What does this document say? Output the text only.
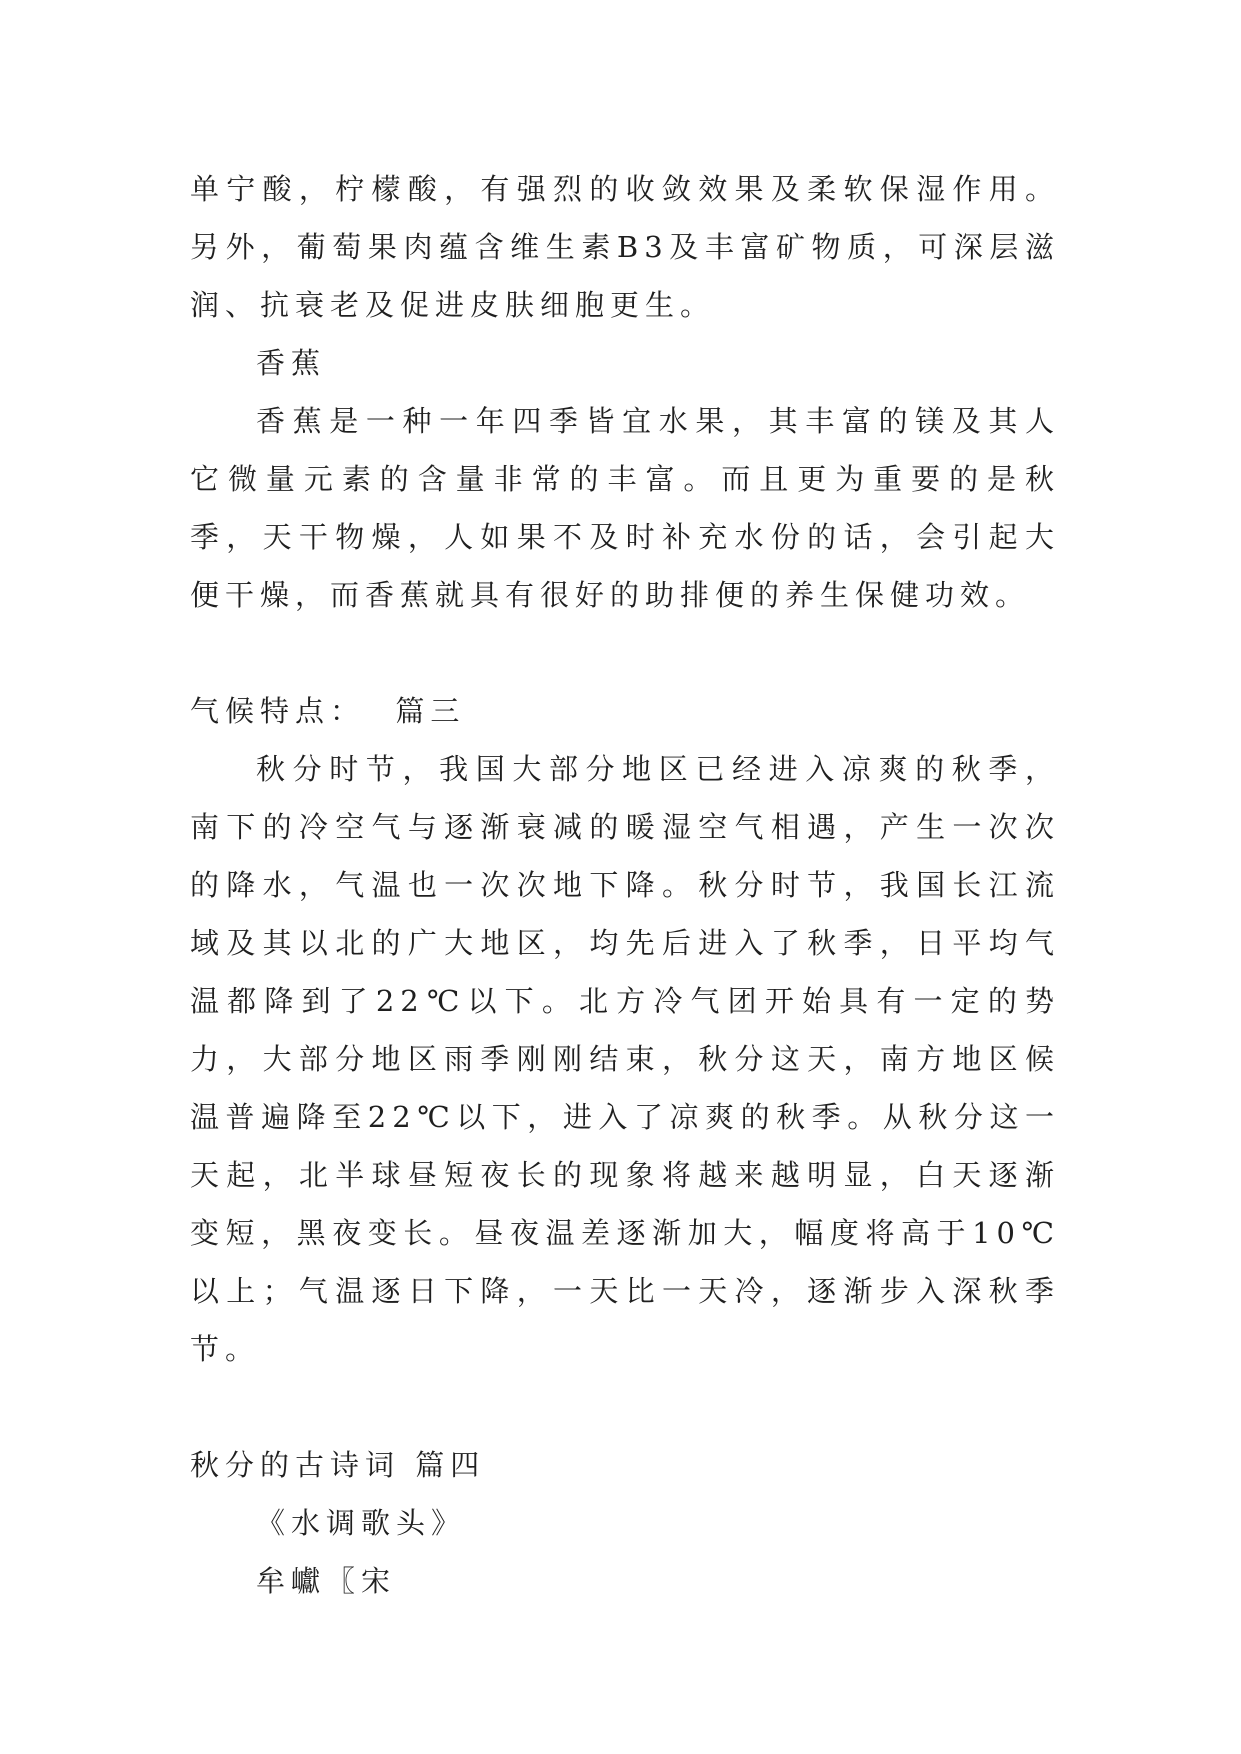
单宁酸，柠檬酸，有强烈的收敛效果及柔软保湿作用。另外，葡萄果肉蕴含维生素B3及丰富矿物质，可深层滋润、抗衰老及促进皮肤细胞更生。

香蕉

香蕉是一种一年四季皆宜水果，其丰富的镁及其人它微量元素的含量非常的丰富。而且更为重要的是秋季，天干物燥，人如果不及时补充水份的话，会引起大便干燥，而香蕉就具有很好的助排便的养生保健功效。

气候特点：  篇三

秋分时节，我国大部分地区已经进入凉爽的秋季，南下的冷空气与逐渐衰减的暖湿空气相遇，产生一次次的降水，气温也一次次地下降。秋分时节，我国长江流域及其以北的广大地区，均先后进入了秋季，日平均气温都降到了22℃以下。北方冷气团开始具有一定的势力，大部分地区雨季刚刚结束，秋分这天，南方地区候温普遍降至22℃以下，进入了凉爽的秋季。从秋分这一天起，北半球昼短夜长的现象将越来越明显，白天逐渐变短，黑夜变长。昼夜温差逐渐加大，幅度将高于10℃以上；气温逐日下降，一天比一天冷，逐渐步入深秋季节。

秋分的古诗词 篇四

《水调歌头》

牟巘〖宋
